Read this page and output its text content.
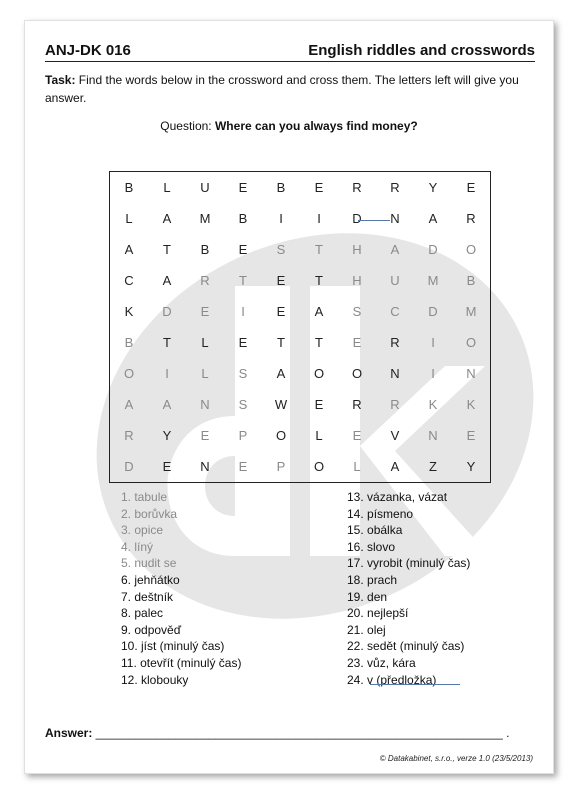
ANJ-DK 016	English riddles and crosswords
Task: Find the words below in the crossword and cross them. The letters left will give you answer.
Question: Where can you always find money?
B	L	U	E	B	E	R	R	Y	E
L	A	M	B	I	I	D	N	A	R
A	T	B	E	S	T	H	A	D	O
C	A	R	T	E	T	H	U	M	B
K	D	E	I	E	A	S	C	D	M
B	T	L	E	T	T	E	R	I	O
O	I	L	S	A	O	O	N	I	N
A	A	N	S	W	E	R	R	K	K
R	Y	E	P	O	L	E	V	N	E
D	E	N	E	P	O	L	A	Z	Y
1. tabule
2. borůvka
3. opice
4. líný
5. nudit se
6. jehňátko
7. deštník
8. palec
9. odpověď
10. jíst (minulý čas)
11. otevřít (minulý čas)
12. klobouky
13. vázanka, vázat
14. písmeno
15. obálka
16. slovo
17. vyrobit (minulý čas)
18. prach
19. den
20. nejlepší
21. olej
22. sedět (minulý čas)
23. vůz, kára
24. v (předložka)
Answer: _____________________________________________________________ .
© Datakabinet, s.r.o., verze 1.0 (23/5/2013)
